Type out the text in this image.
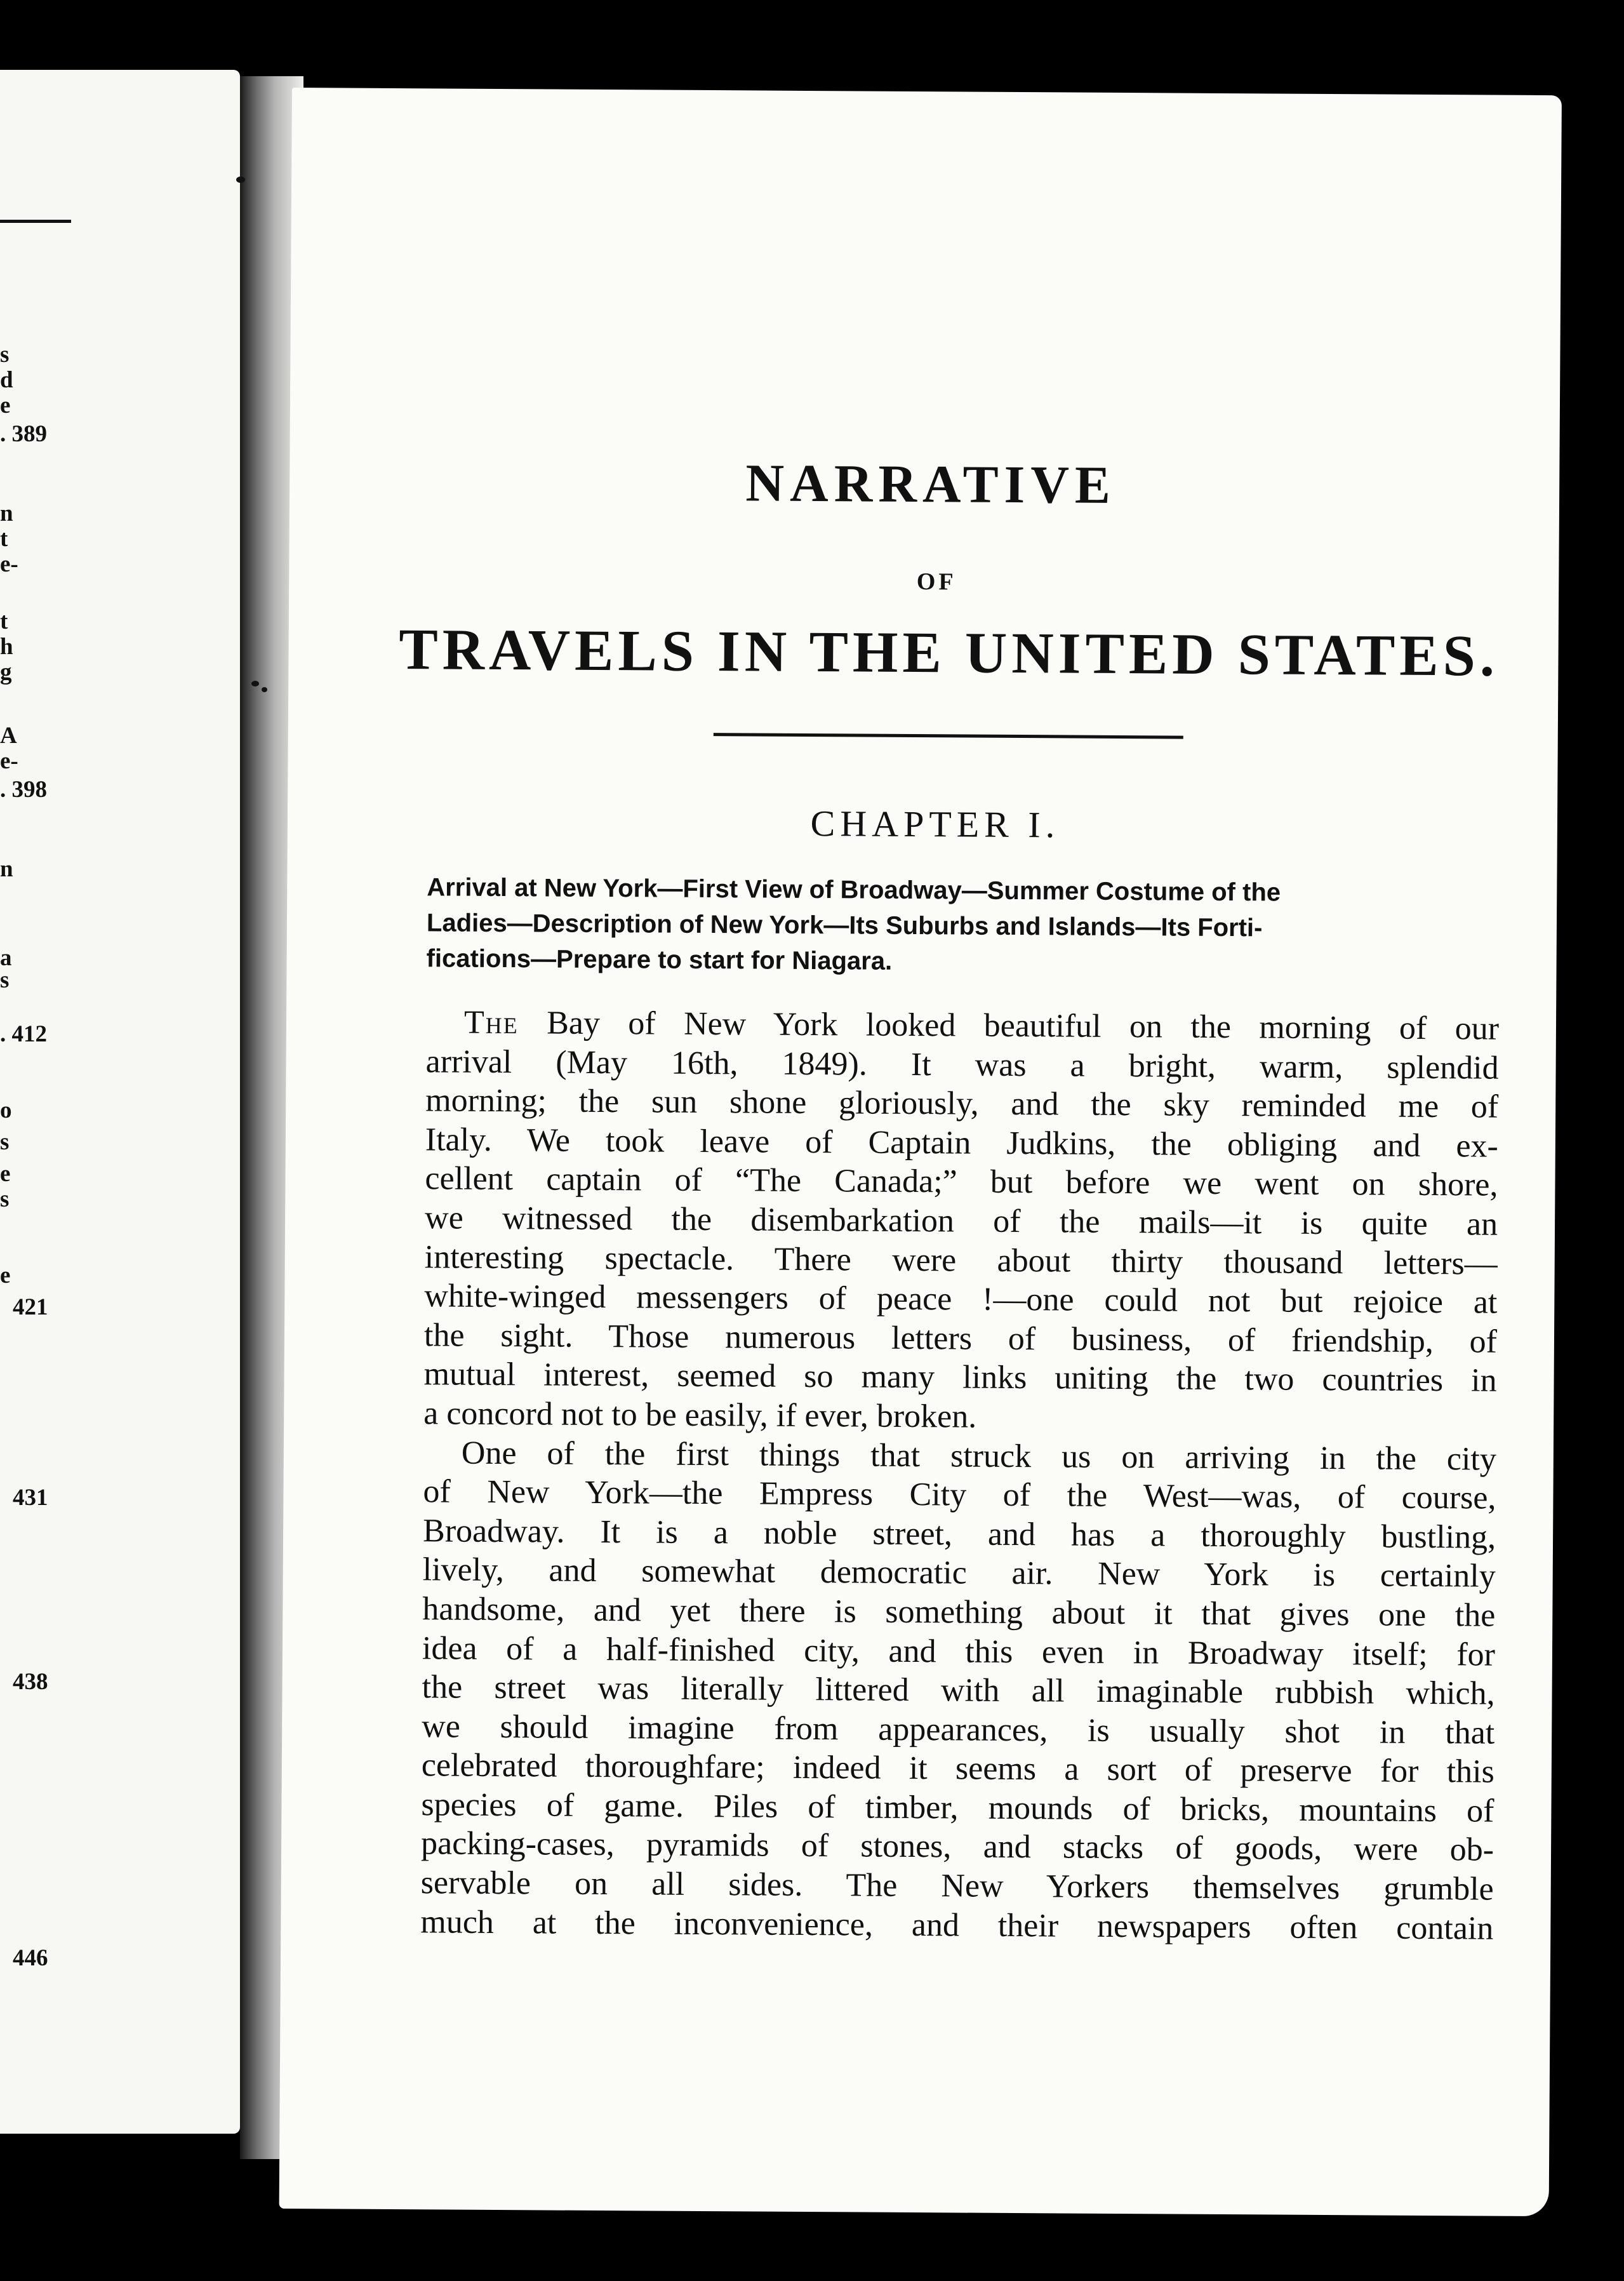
s
d
e
n
t
e-
t
h
g
A
e-
n
a
s
o
s
e
s
e
. 389
. 398
. 412
421
431
438
446
NARRATIVE
OF
TRAVELS IN THE UNITED STATES.
CHAPTER I.

Arrival at New York—First View of Broadway—Summer Costume of the
Ladies—Description of New York—Its Suburbs and Islands—Its Forti-
fications—Prepare to start for Niagara.

The Bay of New York looked beautiful on the morning of our
arrival (May 16th, 1849). It was a bright, warm, splendid
morning; the sun shone gloriously, and the sky reminded me of
Italy. We took leave of Captain Judkins, the obliging and ex-
cellent captain of “The Canada;” but before we went on shore,
we witnessed the disembarkation of the mails—it is quite an
interesting spectacle. There were about thirty thousand letters—
white-winged messengers of peace !—one could not but rejoice at
the sight. Those numerous letters of business, of friendship, of
mutual interest, seemed so many links uniting the two countries in
a concord not to be easily, if ever, broken.
One of the first things that struck us on arriving in the city
of New York—the Empress City of the West—was, of course,
Broadway. It is a noble street, and has a thoroughly bustling,
lively, and somewhat democratic air. New York is certainly
handsome, and yet there is something about it that gives one the
idea of a half-finished city, and this even in Broadway itself; for
the street was literally littered with all imaginable rubbish which,
we should imagine from appearances, is usually shot in that
celebrated thoroughfare; indeed it seems a sort of preserve for this
species of game. Piles of timber, mounds of bricks, mountains of
packing-cases, pyramids of stones, and stacks of goods, were ob-
servable on all sides. The New Yorkers themselves grumble
much at the inconvenience, and their newspapers often contain
